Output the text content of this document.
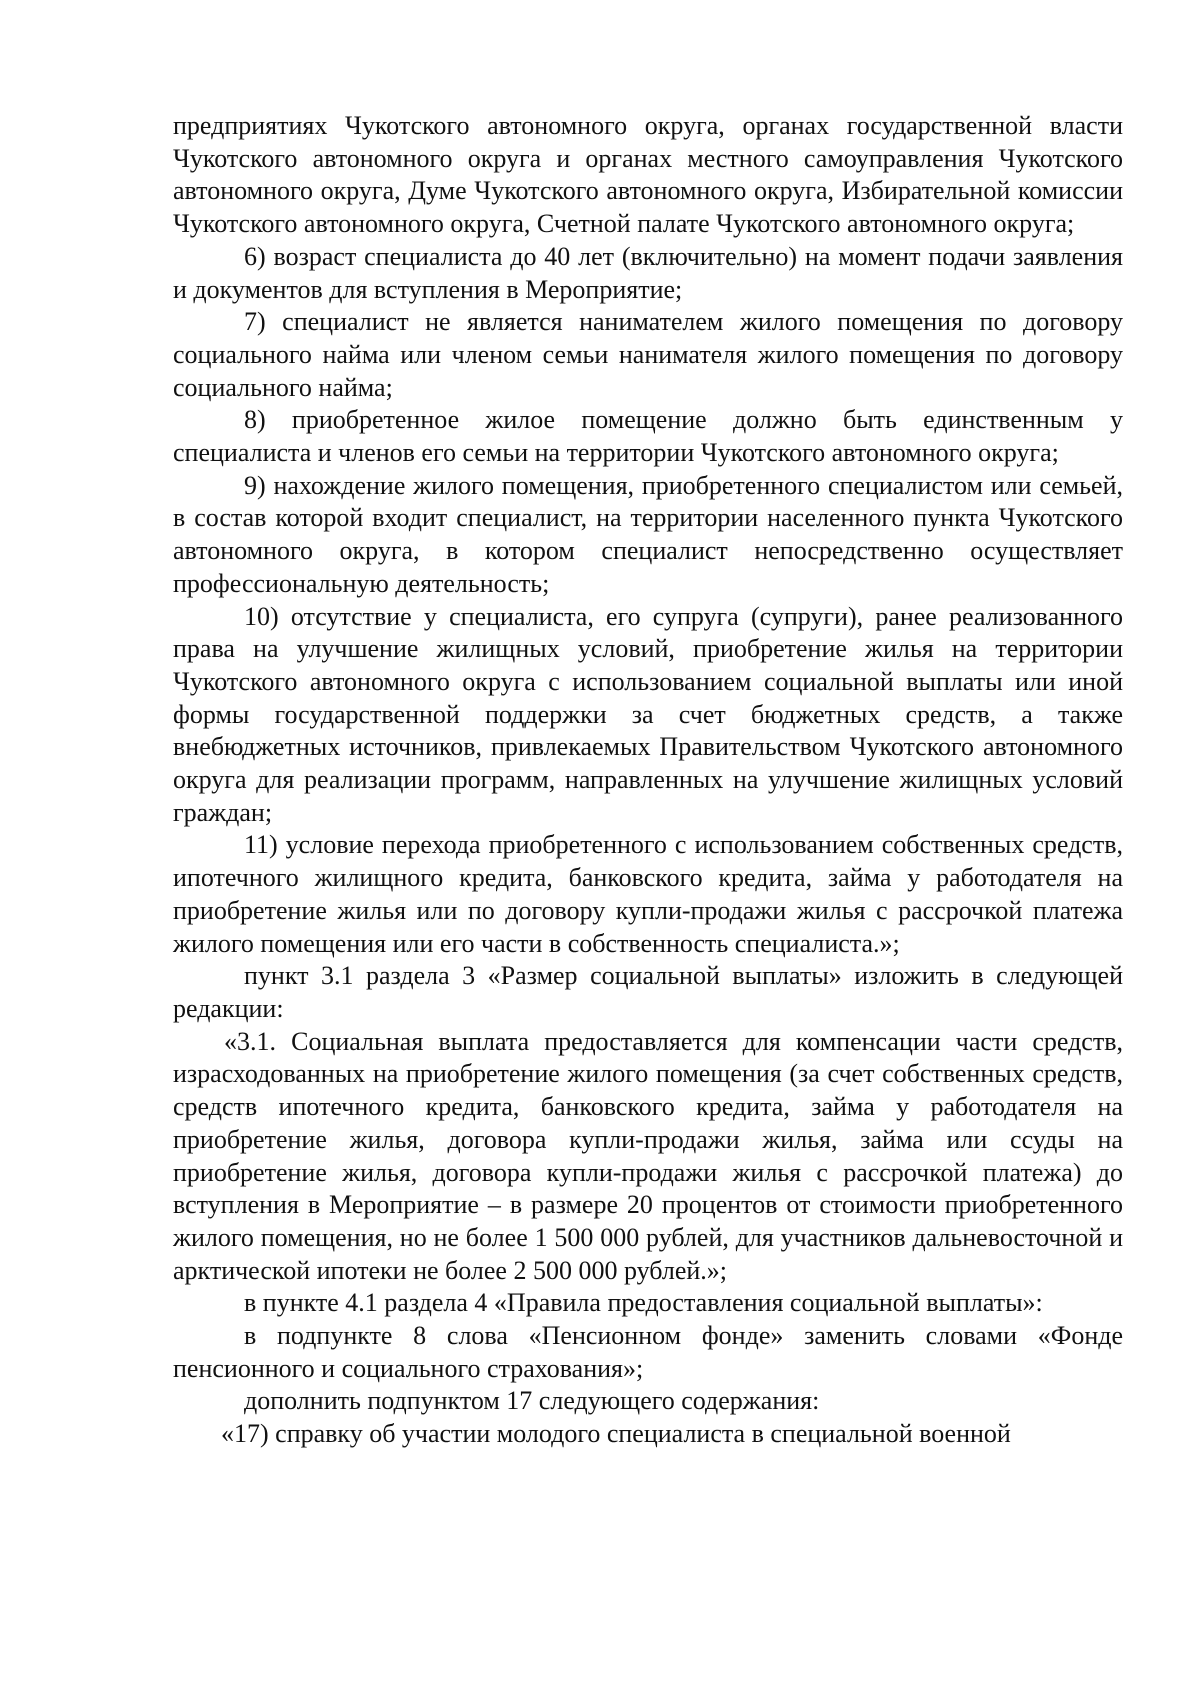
предприятиях Чукотского автономного округа, органах государственной власти Чукотского автономного округа и органах местного самоуправления Чукотского автономного округа, Думе Чукотского автономного округа, Избирательной комиссии Чукотского автономного округа, Счетной палате Чукотского автономного округа;

6) возраст специалиста до 40 лет (включительно) на момент подачи заявления и документов для вступления в Мероприятие;

7) специалист не является нанимателем жилого помещения по договору социального найма или членом семьи нанимателя жилого помещения по договору социального найма;

8) приобретенное жилое помещение должно быть единственным у специалиста и членов его семьи на территории Чукотского автономного округа;

9) нахождение жилого помещения, приобретенного специалистом или семьей, в состав которой входит специалист, на территории населенного пункта Чукотского автономного округа, в котором специалист непосредственно осуществляет профессиональную деятельность;

10) отсутствие у специалиста, его супруга (супруги), ранее реализованного права на улучшение жилищных условий, приобретение жилья на территории Чукотского автономного округа с использованием социальной выплаты или иной формы государственной поддержки за счет бюджетных средств, а также внебюджетных источников, привлекаемых Правительством Чукотского автономного округа для реализации программ, направленных на улучшение жилищных условий граждан;

11) условие перехода приобретенного с использованием собственных средств, ипотечного жилищного кредита, банковского кредита, займа у работодателя на приобретение жилья или по договору купли-продажи жилья с рассрочкой платежа жилого помещения или его части в собственность специалиста.»;

пункт 3.1 раздела 3 «Размер социальной выплаты» изложить в следующей редакции:

«3.1. Социальная выплата предоставляется для компенсации части средств, израсходованных на приобретение жилого помещения (за счет собственных средств, средств ипотечного кредита, банковского кредита, займа у работодателя на приобретение жилья, договора купли-продажи жилья, займа или ссуды на приобретение жилья, договора купли-продажи жилья с рассрочкой платежа) до вступления в Мероприятие – в размере 20 процентов от стоимости приобретенного жилого помещения, но не более 1 500 000 рублей, для участников дальневосточной и арктической ипотеки не более 2 500 000 рублей.»;

в пункте 4.1 раздела 4 «Правила предоставления социальной выплаты»:

в подпункте 8 слова «Пенсионном фонде» заменить словами «Фонде пенсионного и социального страхования»;

дополнить подпунктом 17 следующего содержания:

«17) справку об участии молодого специалиста в специальной военной
